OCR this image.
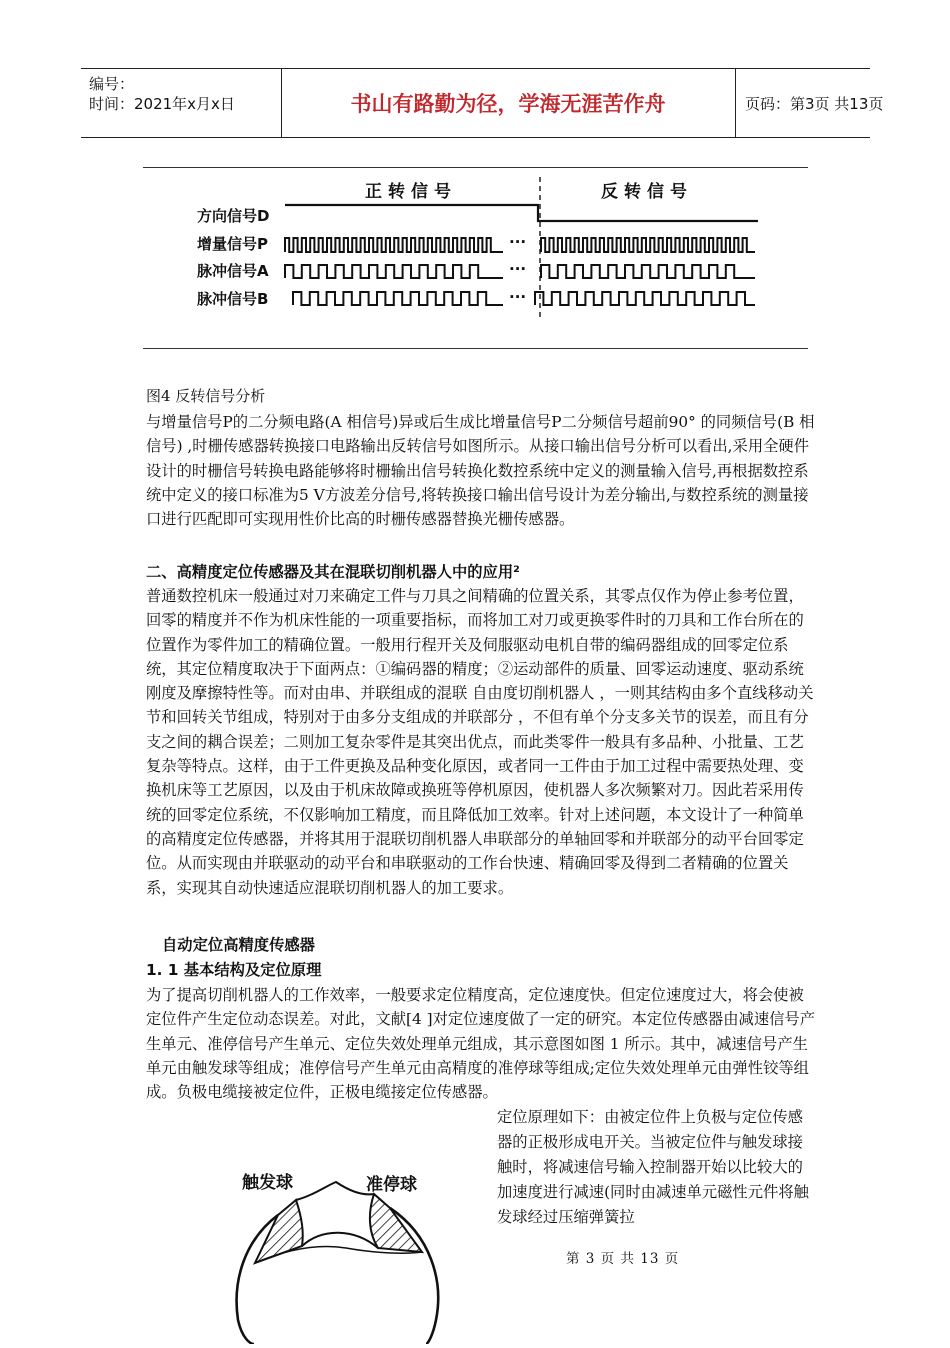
编号：
时间：2021年x月x日	书山有路勤为径，学海无涯苦作舟	页码：第3页 共13页
正转信号	反转信号
方向信号D
增量信号P
脉冲信号A
脉冲信号B
···
···
···
图4 反转信号分析

与增量信号P的二分频电路(A 相信号)异或后生成比增量信号P二分频信号超前90° 的同频信号(B 相信号) ,时栅传感器转换接口电路输出反转信号如图所示。从接口输出信号分析可以看出,采用全硬件设计的时栅信号转换电路能够将时栅输出信号转换化数控系统中定义的测量输入信号,再根据数控系统中定义的接口标准为5 V方波差分信号,将转换接口输出信号设计为差分输出,与数控系统的测量接口进行匹配即可实现用性价比高的时栅传感器替换光栅传感器。

二、高精度定位传感器及其在混联切削机器人中的应用²

普通数控机床一般通过对刀来确定工件与刀具之间精确的位置关系，其零点仅作为停止参考位置，回零的精度并不作为机床性能的一项重要指标，而将加工对刀或更换零件时的刀具和工作台所在的位置作为零件加工的精确位置。一般用行程开关及伺服驱动电机自带的编码器组成的回零定位系统，其定位精度取决于下面两点：①编码器的精度；②运动部件的质量、回零运动速度、驱动系统刚度及摩擦特性等。而对由串、并联组成的混联 自由度切削机器人 ，一则其结构由多个直线移动关节和回转关节组成，特别对于由多分支组成的并联部分 ，不但有单个分支多关节的误差，而且有分支之间的耦合误差；二则加工复杂零件是其突出优点，而此类零件一般具有多品种、小批量、工艺复杂等特点。这样，由于工件更换及品种变化原因，或者同一工件由于加工过程中需要热处理、变换机床等工艺原因，以及由于机床故障或换班等停机原因，使机器人多次频繁对刀。因此若采用传统的回零定位系统，不仅影响加工精度，而且降低加工效率。针对上述问题，本文设计了一种简单的高精度定位传感器，并将其用于混联切削机器人串联部分的单轴回零和并联部分的动平台回零定位。从而实现由并联驱动的动平台和串联驱动的工作台快速、精确回零及得到二者精确的位置关系，实现其自动快速适应混联切削机器人的加工要求。

自动定位高精度传感器
1. 1 基本结构及定位原理

为了提高切削机器人的工作效率，一般要求定位精度高，定位速度快。但定位速度过大，将会使被定位件产生定位动态误差。对此，文献[4 ]对定位速度做了一定的研究。本定位传感器由减速信号产生单元、准停信号产生单元、定位失效处理单元组成，其示意图如图 1 所示。其中，减速信号产生单元由触发球等组成；准停信号产生单元由高精度的准停球等组成;定位失效处理单元由弹性铰等组成。负极电缆接被定位件，正极电缆接定位传感器。

定位原理如下：由被定位件上负极与定位传感器的正极形成电开关。当被定位件与触发球接触时，将减速信号输入控制器开始以比较大的加速度进行减速(同时由减速单元磁性元件将触发球经过压缩弹簧拉
触发球	准停球
第 3 页 共 13 页
